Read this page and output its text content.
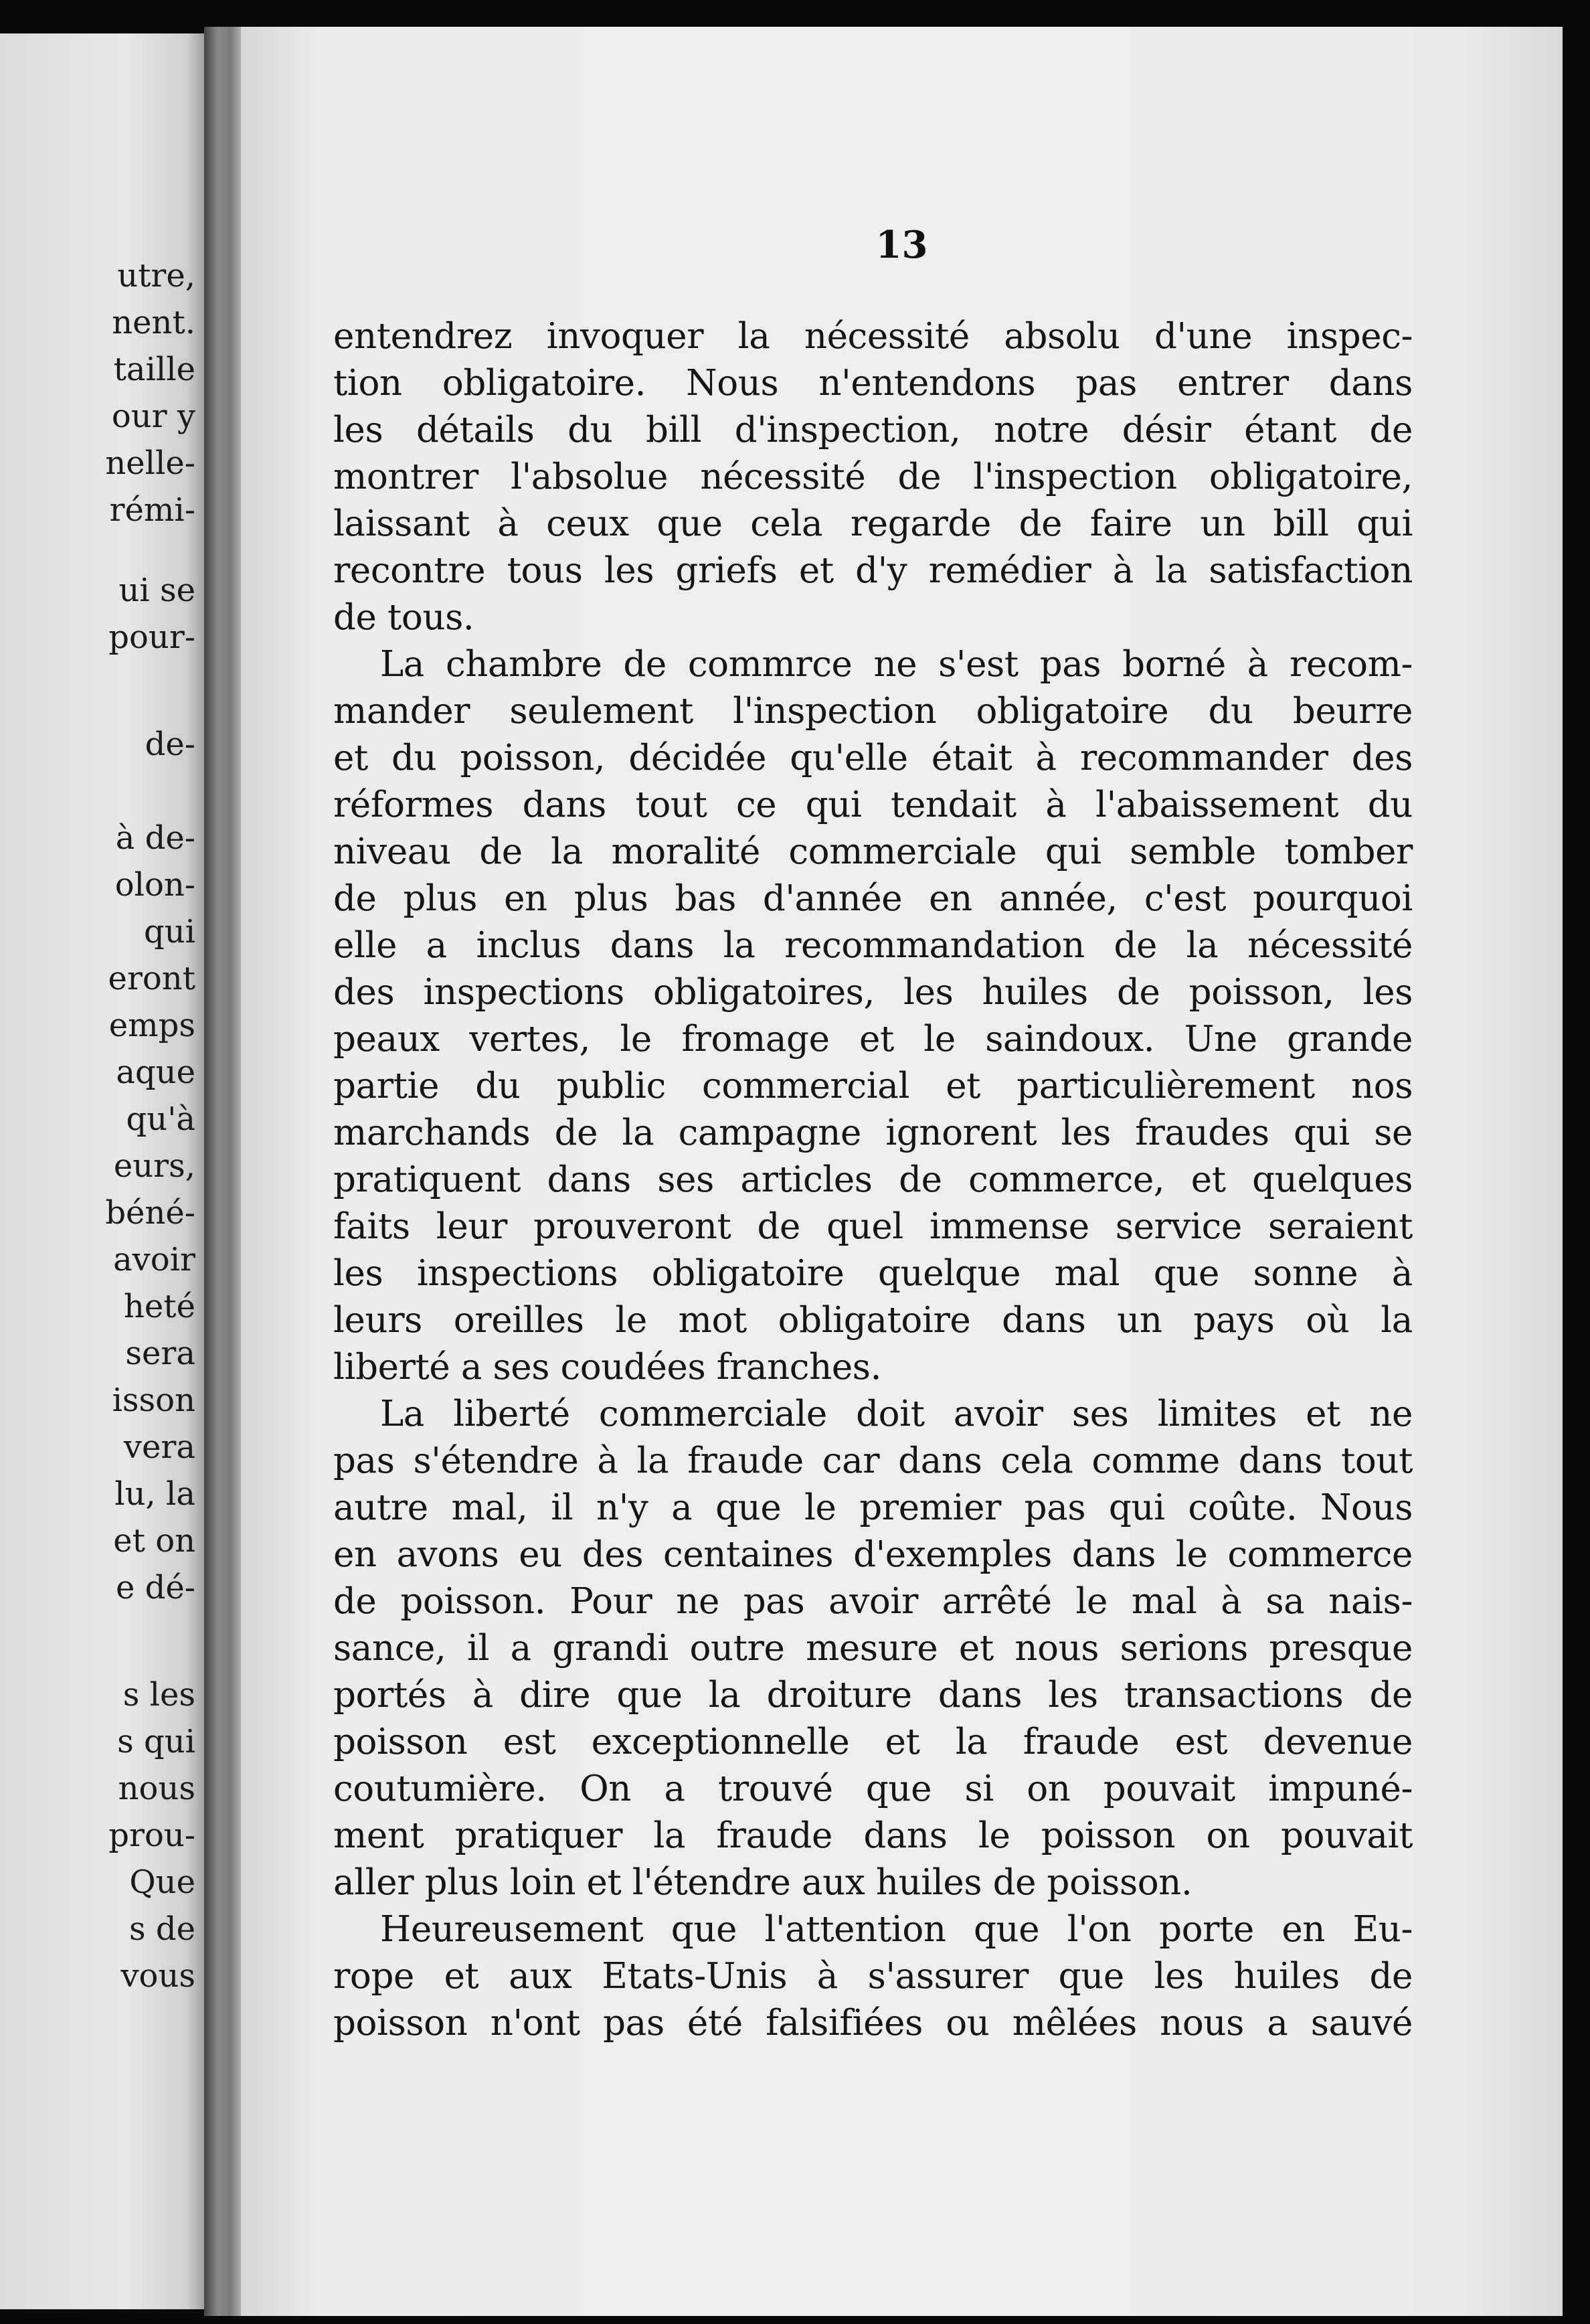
utre,
nent.
taille
our y
nelle-
rémi-
ui se
pour-
de-
à de-
olon-
qui
eront
emps
aque
qu'à
eurs,
béné-
avoir
heté
sera
isson
vera
lu, la
et on
e dé-
s les
s qui
nous
prou-
Que
s de
vous
13
entendrez invoquer la nécessité absolu d'une inspec-
tion obligatoire. Nous n'entendons pas entrer dans
les détails du bill d'inspection, notre désir étant de
montrer l'absolue nécessité de l'inspection obligatoire,
laissant à ceux que cela regarde de faire un bill qui
recontre tous les griefs et d'y remédier à la satisfaction
de tous.
La chambre de commrce ne s'est pas borné à recom-
mander seulement l'inspection obligatoire du beurre
et du poisson, décidée qu'elle était à recommander des
réformes dans tout ce qui tendait à l'abaissement du
niveau de la moralité commerciale qui semble tomber
de plus en plus bas d'année en année, c'est pourquoi
elle a inclus dans la recommandation de la nécessité
des inspections obligatoires, les huiles de poisson, les
peaux vertes, le fromage et le saindoux. Une grande
partie du public commercial et particulièrement nos
marchands de la campagne ignorent les fraudes qui se
pratiquent dans ses articles de commerce, et quelques
faits leur prouveront de quel immense service seraient
les inspections obligatoire quelque mal que sonne à
leurs oreilles le mot obligatoire dans un pays où la
liberté a ses coudées franches.
La liberté commerciale doit avoir ses limites et ne
pas s'étendre à la fraude car dans cela comme dans tout
autre mal, il n'y a que le premier pas qui coûte. Nous
en avons eu des centaines d'exemples dans le commerce
de poisson. Pour ne pas avoir arrêté le mal à sa nais-
sance, il a grandi outre mesure et nous serions presque
portés à dire que la droiture dans les transactions de
poisson est exceptionnelle et la fraude est devenue
coutumière. On a trouvé que si on pouvait impuné-
ment pratiquer la fraude dans le poisson on pouvait
aller plus loin et l'étendre aux huiles de poisson.
Heureusement que l'attention que l'on porte en Eu-
rope et aux Etats-Unis à s'assurer que les huiles de
poisson n'ont pas été falsifiées ou mêlées nous a sauvé
